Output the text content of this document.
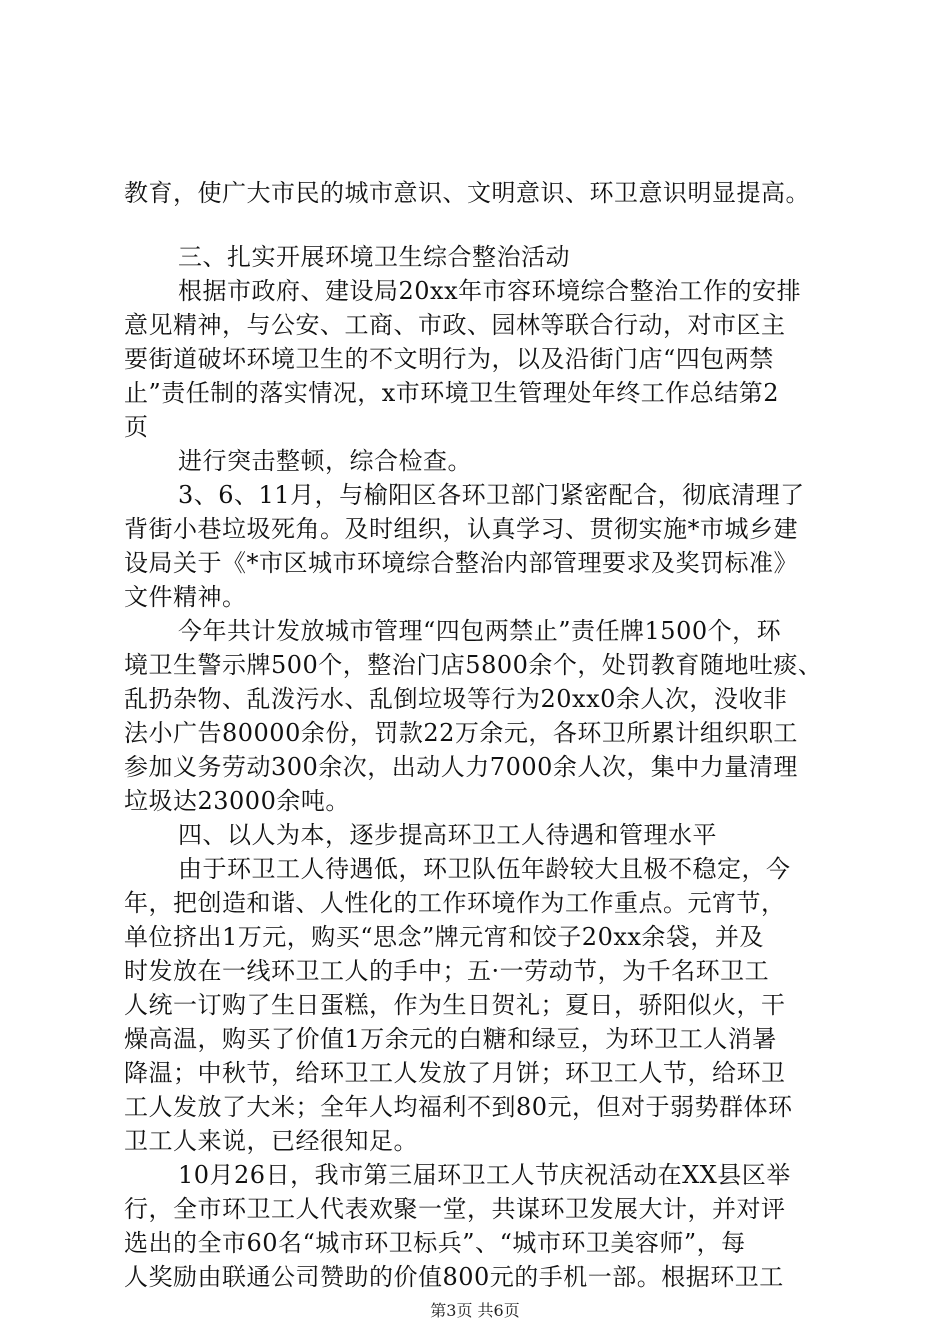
教育，使广大市民的城市意识、文明意识、环卫意识明显提高。
三、扎实开展环境卫生综合整治活动
根据市政府、建设局20xx年市容环境综合整治工作的安排
意见精神，与公安、工商、市政、园林等联合行动，对市区主
要街道破坏环境卫生的不文明行为，以及沿街门店“四包两禁
止”责任制的落实情况，x市环境卫生管理处年终工作总结第2
页
进行突击整顿，综合检查。
3、6、11月，与榆阳区各环卫部门紧密配合，彻底清理了
背街小巷垃圾死角。及时组织，认真学习、贯彻实施*市城乡建
设局关于《*市区城市环境综合整治内部管理要求及奖罚标准》
文件精神。
今年共计发放城市管理“四包两禁止”责任牌1500个，环
境卫生警示牌500个，整治门店5800余个，处罚教育随地吐痰、
乱扔杂物、乱泼污水、乱倒垃圾等行为20xx0余人次，没收非
法小广告80000余份，罚款22万余元，各环卫所累计组织职工
参加义务劳动300余次，出动人力7000余人次，集中力量清理
垃圾达23000余吨。
四、以人为本，逐步提高环卫工人待遇和管理水平
由于环卫工人待遇低，环卫队伍年龄较大且极不稳定，今
年，把创造和谐、人性化的工作环境作为工作重点。元宵节，
单位挤出1万元，购买“思念”牌元宵和饺子20xx余袋，并及
时发放在一线环卫工人的手中；五·一劳动节，为千名环卫工
人统一订购了生日蛋糕，作为生日贺礼；夏日，骄阳似火，干
燥高温，购买了价值1万余元的白糖和绿豆，为环卫工人消暑
降温；中秋节，给环卫工人发放了月饼；环卫工人节，给环卫
工人发放了大米；全年人均福利不到80元，但对于弱势群体环
卫工人来说，已经很知足。
10月26日，我市第三届环卫工人节庆祝活动在XX县区举
行，全市环卫工人代表欢聚一堂，共谋环卫发展大计，并对评
选出的全市60名“城市环卫标兵”、“城市环卫美容师”，每
人奖励由联通公司赞助的价值800元的手机一部。根据环卫工
第3页 共6页
